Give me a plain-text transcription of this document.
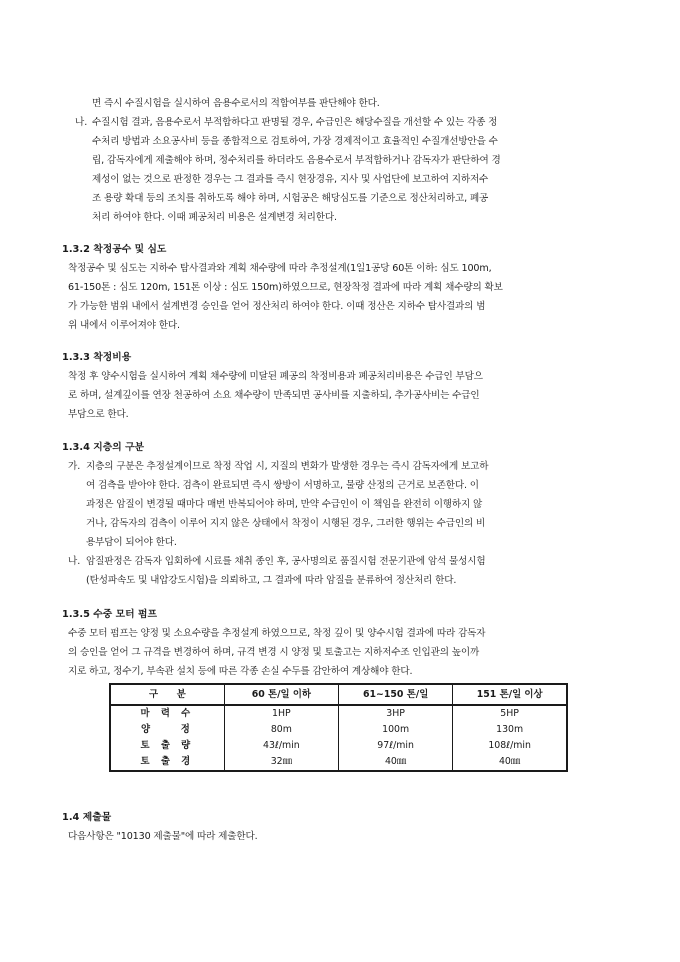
면 즉시 수질시험을 실시하여 음용수로서의 적합여부를 판단해야 한다.
나. 수질시험 결과, 음용수로서 부적합하다고 판명될 경우, 수급인은 해당수질을 개선할 수 있는 각종 정
수처리 방법과 소요공사비 등을 종합적으로 검토하여, 가장 경제적이고 효율적인 수질개선방안을 수
립, 감독자에게 제출해야 하며, 정수처리를 하더라도 음용수로서 부적합하거나 감독자가 판단하여 경
제성이 없는 것으로 판정한 경우는 그 결과를 즉시 현장경유, 지사 및 사업단에 보고하여 지하저수
조 용량 확대 등의 조치를 취하도록 해야 하며, 시험공은 해당심도를 기준으로 정산처리하고, 폐공
처리 하여야 한다. 이때 폐공처리 비용은 설계변경 처리한다.
1.3.2 착정공수 및 심도
착정공수 및 심도는 지하수 탐사결과와 계획 채수량에 따라 추정설계(1일1공당 60톤 이하: 심도 100m,
61-150톤 : 심도 120m, 151톤 이상 : 심도 150m)하였으므로, 현장착정 결과에 따라 계획 채수량의 확보
가 가능한 범위 내에서 설계변경 승인을 얻어 정산처리 하여야 한다. 이때 정산은 지하수 탐사결과의 범
위 내에서 이루어져야 한다.
1.3.3 착정비용
착정 후 양수시험을 실시하여 계획 채수량에 미달된 폐공의 착정비용과 폐공처리비용은 수급인 부담으
로 하며, 설계깊이를 연장 천공하여 소요 채수량이 만족되면 공사비를 지출하되, 추가공사비는 수급인
부담으로 한다.
1.3.4 지층의 구분
가. 지층의 구분은 추정설계이므로 착정 작업 시, 지질의 변화가 발생한 경우는 즉시 감독자에게 보고하
여 검측을 받아야 한다. 검측이 완료되면 즉시 쌍방이 서명하고, 물량 산정의 근거로 보존한다. 이
과정은 암질이 변경될 때마다 매번 반복되어야 하며, 만약 수급인이 이 책임을 완전히 이행하지 않
거나, 감독자의 검측이 이루어 지지 않은 상태에서 착정이 시행된 경우, 그러한 행위는 수급인의 비
용부담이 되어야 한다.
나. 암질판정은 감독자 입회하에 시료를 채취 종인 후, 공사명의로 품질시험 전문기관에 암석 물성시험
(탄성파속도 및 내압강도시험)을 의뢰하고, 그 결과에 따라 암질을 분류하여 정산처리 한다.
1.3.5 수중 모터 펌프
수중 모터 펌프는 양정 및 소요수량을 추정설계 하였으므로, 착정 깊이 및 양수시험 결과에 따라 감독자
의 승인을 얻어 그 규격을 변경하여 하며, 규격 변경 시 양정 및 토출고는 지하저수조 인입관의 높이까
지로 하고, 정수기, 부속관 설치 등에 따른 각종 손실 수두를 감안하여 계상해야 한다.
구　　분	60 톤/일 이하	61~150 톤/일	151 톤/일 이상
마 력 수	1HP	3HP	5HP
양　　정	80m	100m	130m
토 출 량	43ℓ/min	97ℓ/min	108ℓ/min
토 출 경	32㎜	40㎜	40㎜
1.4 제출물
다음사항은 "10130 제출물"에 따라 제출한다.
